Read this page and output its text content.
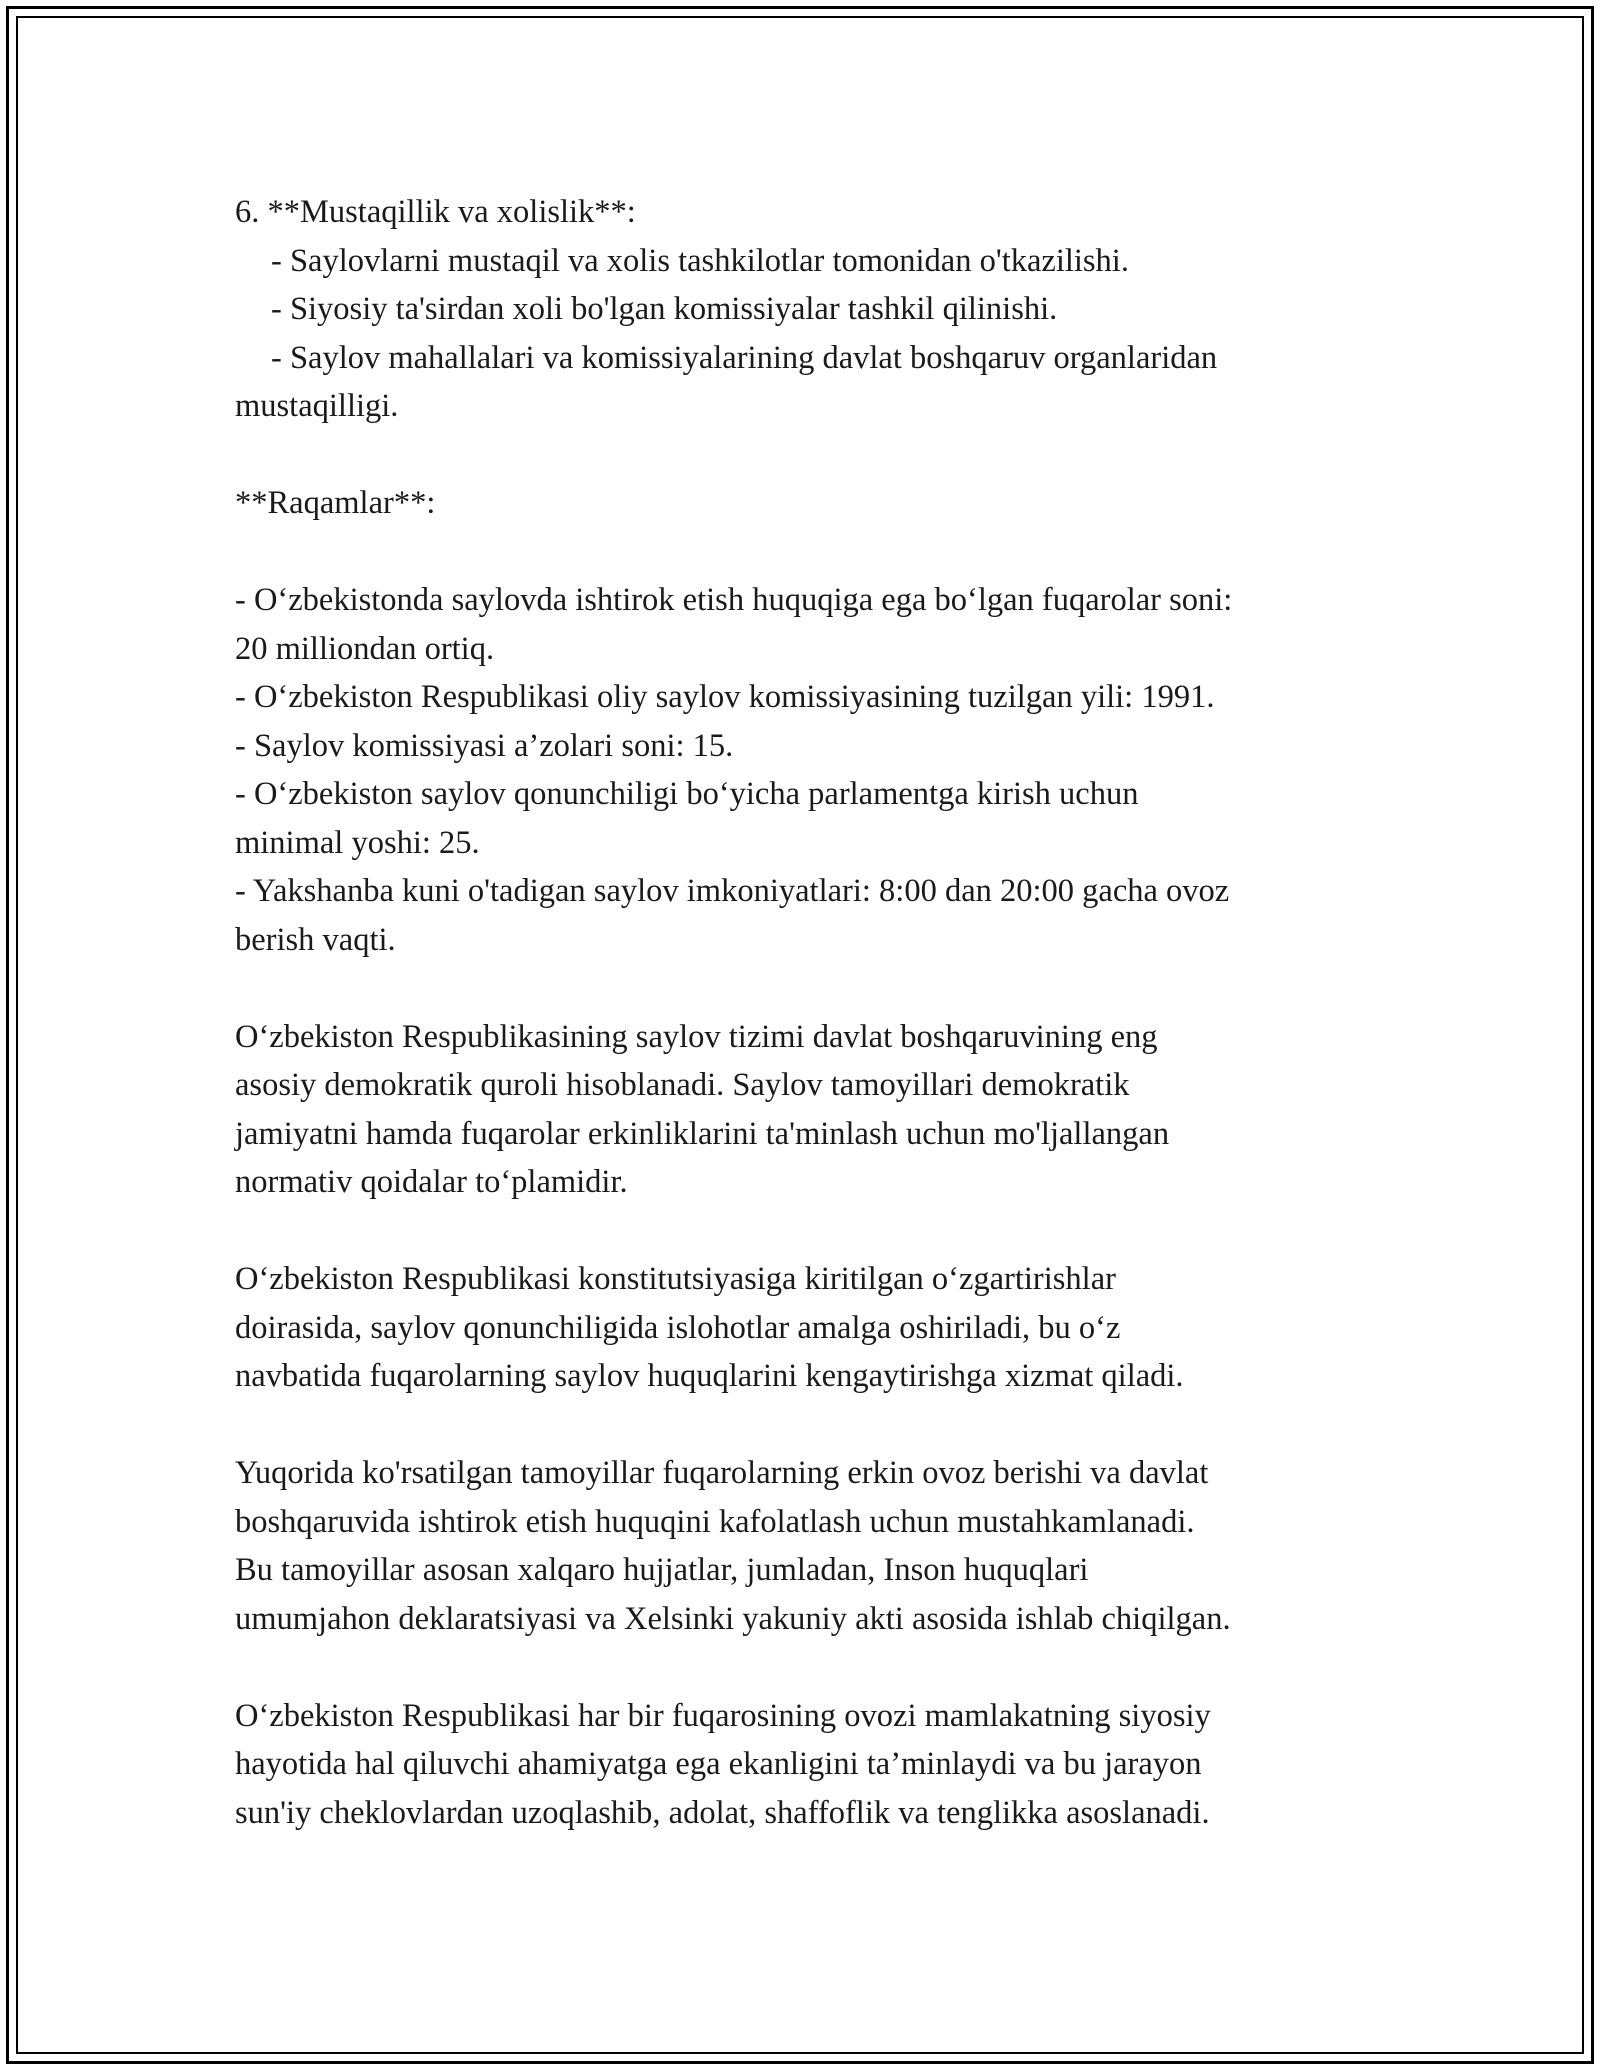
6. **Mustaqillik va xolislik**:
- Saylovlarni mustaqil va xolis tashkilotlar tomonidan o'tkazilishi.
- Siyosiy ta'sirdan xoli bo'lgan komissiyalar tashkil qilinishi.
- Saylov mahallalari va komissiyalarining davlat boshqaruv organlaridan
mustaqilligi.
**Raqamlar**:
- O‘zbekistonda saylovda ishtirok etish huquqiga ega bo‘lgan fuqarolar soni:
20 milliondan ortiq.
- O‘zbekiston Respublikasi oliy saylov komissiyasining tuzilgan yili: 1991.
- Saylov komissiyasi a’zolari soni: 15.
- O‘zbekiston saylov qonunchiligi bo‘yicha parlamentga kirish uchun
minimal yoshi: 25.
- Yakshanba kuni o'tadigan saylov imkoniyatlari: 8:00 dan 20:00 gacha ovoz
berish vaqti.
O‘zbekiston Respublikasining saylov tizimi davlat boshqaruvining eng
asosiy demokratik quroli hisoblanadi. Saylov tamoyillari demokratik
jamiyatni hamda fuqarolar erkinliklarini ta'minlash uchun mo'ljallangan
normativ qoidalar to‘plamidir.
O‘zbekiston Respublikasi konstitutsiyasiga kiritilgan o‘zgartirishlar
doirasida, saylov qonunchiligida islohotlar amalga oshiriladi, bu o‘z
navbatida fuqarolarning saylov huquqlarini kengaytirishga xizmat qiladi.
Yuqorida ko'rsatilgan tamoyillar fuqarolarning erkin ovoz berishi va davlat
boshqaruvida ishtirok etish huquqini kafolatlash uchun mustahkamlanadi.
Bu tamoyillar asosan xalqaro hujjatlar, jumladan, Inson huquqlari
umumjahon deklaratsiyasi va Xelsinki yakuniy akti asosida ishlab chiqilgan.
O‘zbekiston Respublikasi har bir fuqarosining ovozi mamlakatning siyosiy
hayotida hal qiluvchi ahamiyatga ega ekanligini ta’minlaydi va bu jarayon
sun'iy cheklovlardan uzoqlashib, adolat, shaffoflik va tenglikka asoslanadi.
